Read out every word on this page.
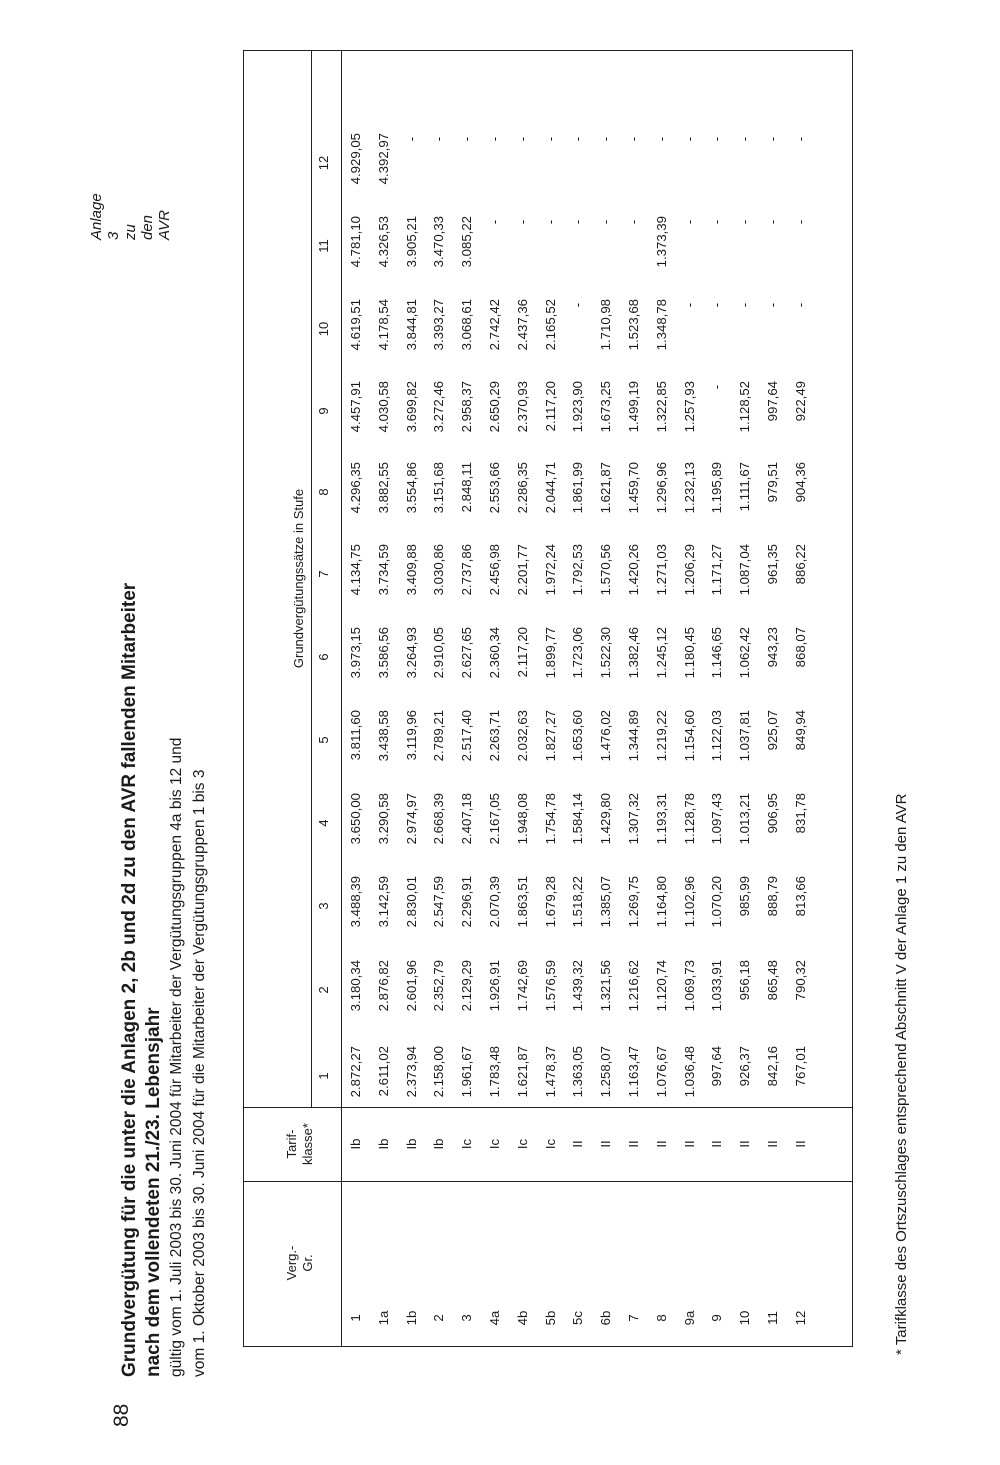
88
Anlage 3 zu den AVR
Grundvergütung für die unter die Anlagen 2, 2b und 2d zu den AVR fallenden Mitarbeiter nach dem vollendeten 21./23. Lebensjahr gültig vom 1. Juli 2003 bis 30. Juni 2004 für Mitarbeiter der Vergütungsgruppen 4a bis 12 und vom 1. Oktober 2003 bis 30. Juni 2004 für die Mitarbeiter der Vergütungsgruppen 1 bis 3	Verg.-
Gr.
Tarif-
klasse*
Grundvergütungssätze in Stufe
1
2
3
4
5
6
7
8
9
10
11
12
1
Ib
2.872,27
3.180,34
3.488,39
3.650,00
3.811,60
3.973,15
4.134,75
4.296,35
4.457,91
4.619,51
4.781,10
4.929,05
1a
Ib
2.611,02
2.876,82
3.142,59
3.290,58
3.438,58
3.586,56
3.734,59
3.882,55
4.030,58
4.178,54
4.326,53
4.392,97
1b
Ib
2.373,94
2.601,96
2.830,01
2.974,97
3.119,96
3.264,93
3.409,88
3.554,86
3.699,82
3.844,81
3.905,21
-
2
Ib
2.158,00
2.352,79
2.547,59
2.668,39
2.789,21
2.910,05
3.030,86
3.151,68
3.272,46
3.393,27
3.470,33
-
3
Ic
1.961,67
2.129,29
2.296,91
2.407,18
2.517,40
2.627,65
2.737,86
2.848,11
2.958,37
3.068,61
3.085,22
-
4a
Ic
1.783,48
1.926,91
2.070,39
2.167,05
2.263,71
2.360,34
2.456,98
2.553,66
2.650,29
2.742,42
-
-
4b
Ic
1.621,87
1.742,69
1.863,51
1.948,08
2.032,63
2.117,20
2.201,77
2.286,35
2.370,93
2.437,36
-
-
5b
Ic
1.478,37
1.576,59
1.679,28
1.754,78
1.827,27
1.899,77
1.972,24
2.044,71
2.117,20
2.165,52
-
-
5c
II
1.363,05
1.439,32
1.518,22
1.584,14
1.653,60
1.723,06
1.792,53
1.861,99
1.923,90
-
-
-
6b
II
1.258,07
1.321,56
1.385,07
1.429,80
1.476,02
1.522,30
1.570,56
1.621,87
1.673,25
1.710,98
-
-
7
II
1.163,47
1.216,62
1.269,75
1.307,32
1.344,89
1.382,46
1.420,26
1.459,70
1.499,19
1.523,68
-
-
8
II
1.076,67
1.120,74
1.164,80
1.193,31
1.219,22
1.245,12
1.271,03
1.296,96
1.322,85
1.348,78
1.373,39
-
9a
II
1.036,48
1.069,73
1.102,96
1.128,78
1.154,60
1.180,45
1.206,29
1.232,13
1.257,93
-
-
-
9
II
997,64
1.033,91
1.070,20
1.097,43
1.122,03
1.146,65
1.171,27
1.195,89
-
-
-
-
10
II
926,37
956,18
985,99
1.013,21
1.037,81
1.062,42
1.087,04
1.111,67
1.128,52
-
-
-
11
II
842,16
865,48
888,79
906,95
925,07
943,23
961,35
979,51
997,64
-
-
-
12
II
767,01
790,32
813,66
831,78
849,94
868,07
886,22
904,36
922,49
-
-
-
* Tarifklasse des Ortszuschlages entsprechend Abschnitt V der Anlage 1 zu den AVR
